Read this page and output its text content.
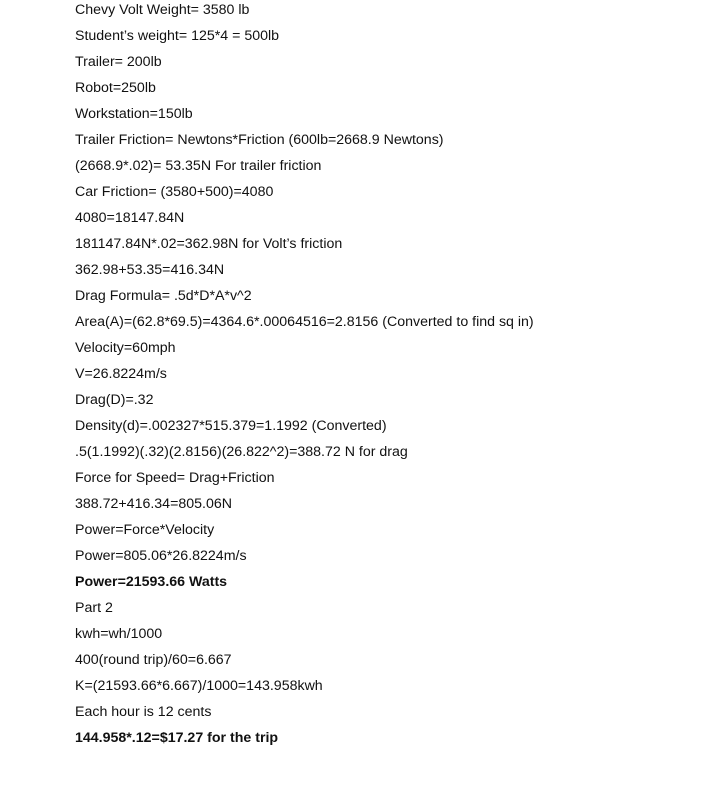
Chevy Volt Weight= 3580 lb
Student’s weight= 125*4 = 500lb
Trailer= 200lb
Robot=250lb
Workstation=150lb
Trailer Friction= Newtons*Friction (600lb=2668.9 Newtons)
(2668.9*.02)= 53.35N For trailer friction
Car Friction= (3580+500)=4080
4080=18147.84N
181147.84N*.02=362.98N for Volt’s friction
362.98+53.35=416.34N
Drag Formula= .5d*D*A*v^2
Area(A)=(62.8*69.5)=4364.6*.00064516=2.8156 (Converted to find sq in)
Velocity=60mph
V=26.8224m/s
Drag(D)=.32
Density(d)=.002327*515.379=1.1992 (Converted)
.5(1.1992)(.32)(2.8156)(26.822^2)=388.72 N for drag
Force for Speed= Drag+Friction
388.72+416.34=805.06N
Power=Force*Velocity
Power=805.06*26.8224m/s
Power=21593.66 Watts
Part 2
kwh=wh/1000
400(round trip)/60=6.667
K=(21593.66*6.667)/1000=143.958kwh
Each hour is 12 cents
144.958*.12=$17.27 for the trip
